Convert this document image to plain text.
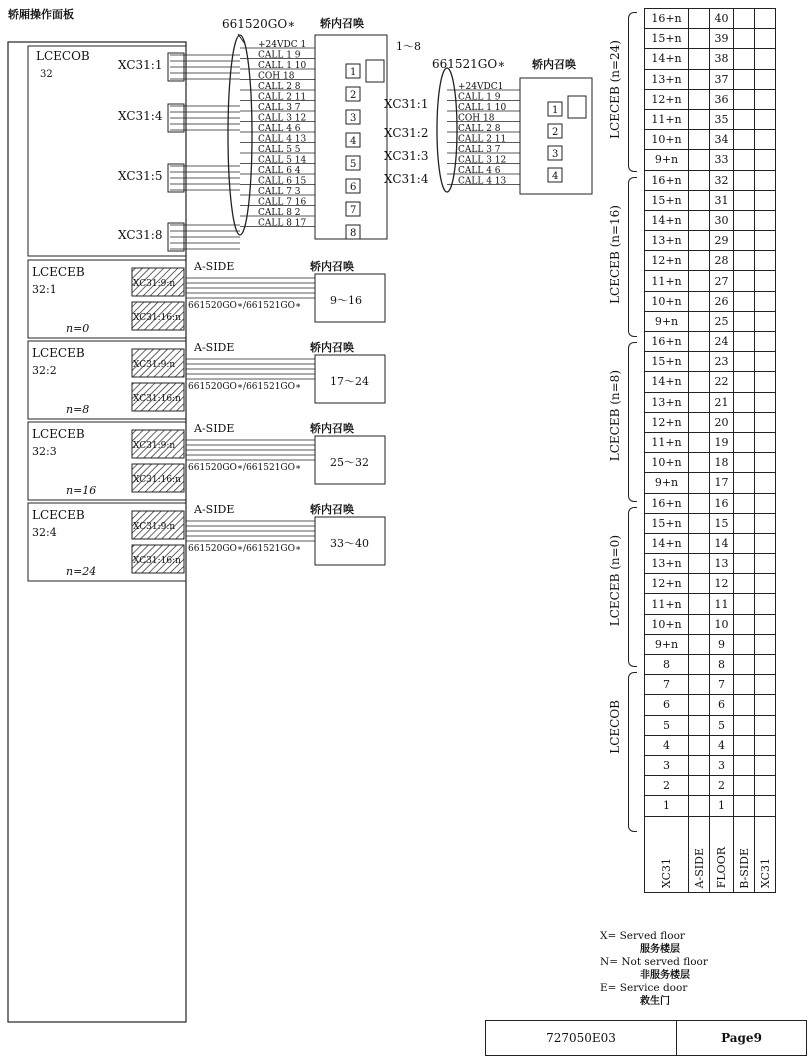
轿厢操作面板
LCECOB
32
XC31:1
XC31:4
XC31:5
XC31:8
661520GO∗ 轿内召唤
1～8
+24VDC 1
CALL 1 9
CALL 1 10
COH 18
CALL 2 8
CALL 2 11
CALL 3 7
CALL 3 12
CALL 4 6
CALL 4 13
CALL 5 5
CALL 5 14
CALL 6 4
CALL 6 15
CALL 7 3
CALL 7 16
CALL 8 2
CALL 8 17
1
2
3
4
5
6
7
8
661521GO∗ 轿内召唤
+24VDC1
CALL 1 9
CALL 1 10
COH 18
CALL 2 8
CALL 2 11
CALL 3 7
CALL 3 12
CALL 4 6
CALL 4 13
1
2
3
4
XC31:1
XC31:2
XC31:3
XC31:4
LCECEB
32:1
n=0
XC31:9:n
XC31:16:n
A-SIDE	轿内召唤
661520GO∗/661521GO∗	9～16
LCECEB
32:2
n=8
XC31:9:n
XC31:16:n
A-SIDE	轿内召唤
661520GO∗/661521GO∗	17～24
LCECEB
32:3
n=16
XC31:9:n
XC31:16:n
A-SIDE	轿内召唤
661520GO∗/661521GO∗	25～32
LCECEB
32:4
n=24
XC31:9:n
XC31:16:n
A-SIDE	轿内召唤
661520GO∗/661521GO∗	33～40
LCECEB (n=24)
LCECEB (n=16)
LCECEB (n=8)
LCECEB (n=0)
LCECOB
16+n		40		
15+n		39		
14+n		38		
13+n		37		
12+n		36		
11+n		35		
10+n		34		
9+n		33		
16+n		32		
15+n		31		
14+n		30		
13+n		29		
12+n		28		
11+n		27		
10+n		26		
9+n		25		
16+n		24		
15+n		23		
14+n		22		
13+n		21		
12+n		20		
11+n		19		
10+n		18		
9+n		17		
16+n		16		
15+n		15		
14+n		14		
13+n		13		
12+n		12		
11+n		11		
10+n		10		
9+n		9		
8		8		
7		7		
6		6		
5		5		
4		4		
3		3		
2		2		
1		1		
XC31	A-SIDE	FLOOR	B-SIDE	XC31
X= Served floor
服务楼层
N= Not served floor
非服务楼层
E= Service door
救生门
727050E03	Page9
